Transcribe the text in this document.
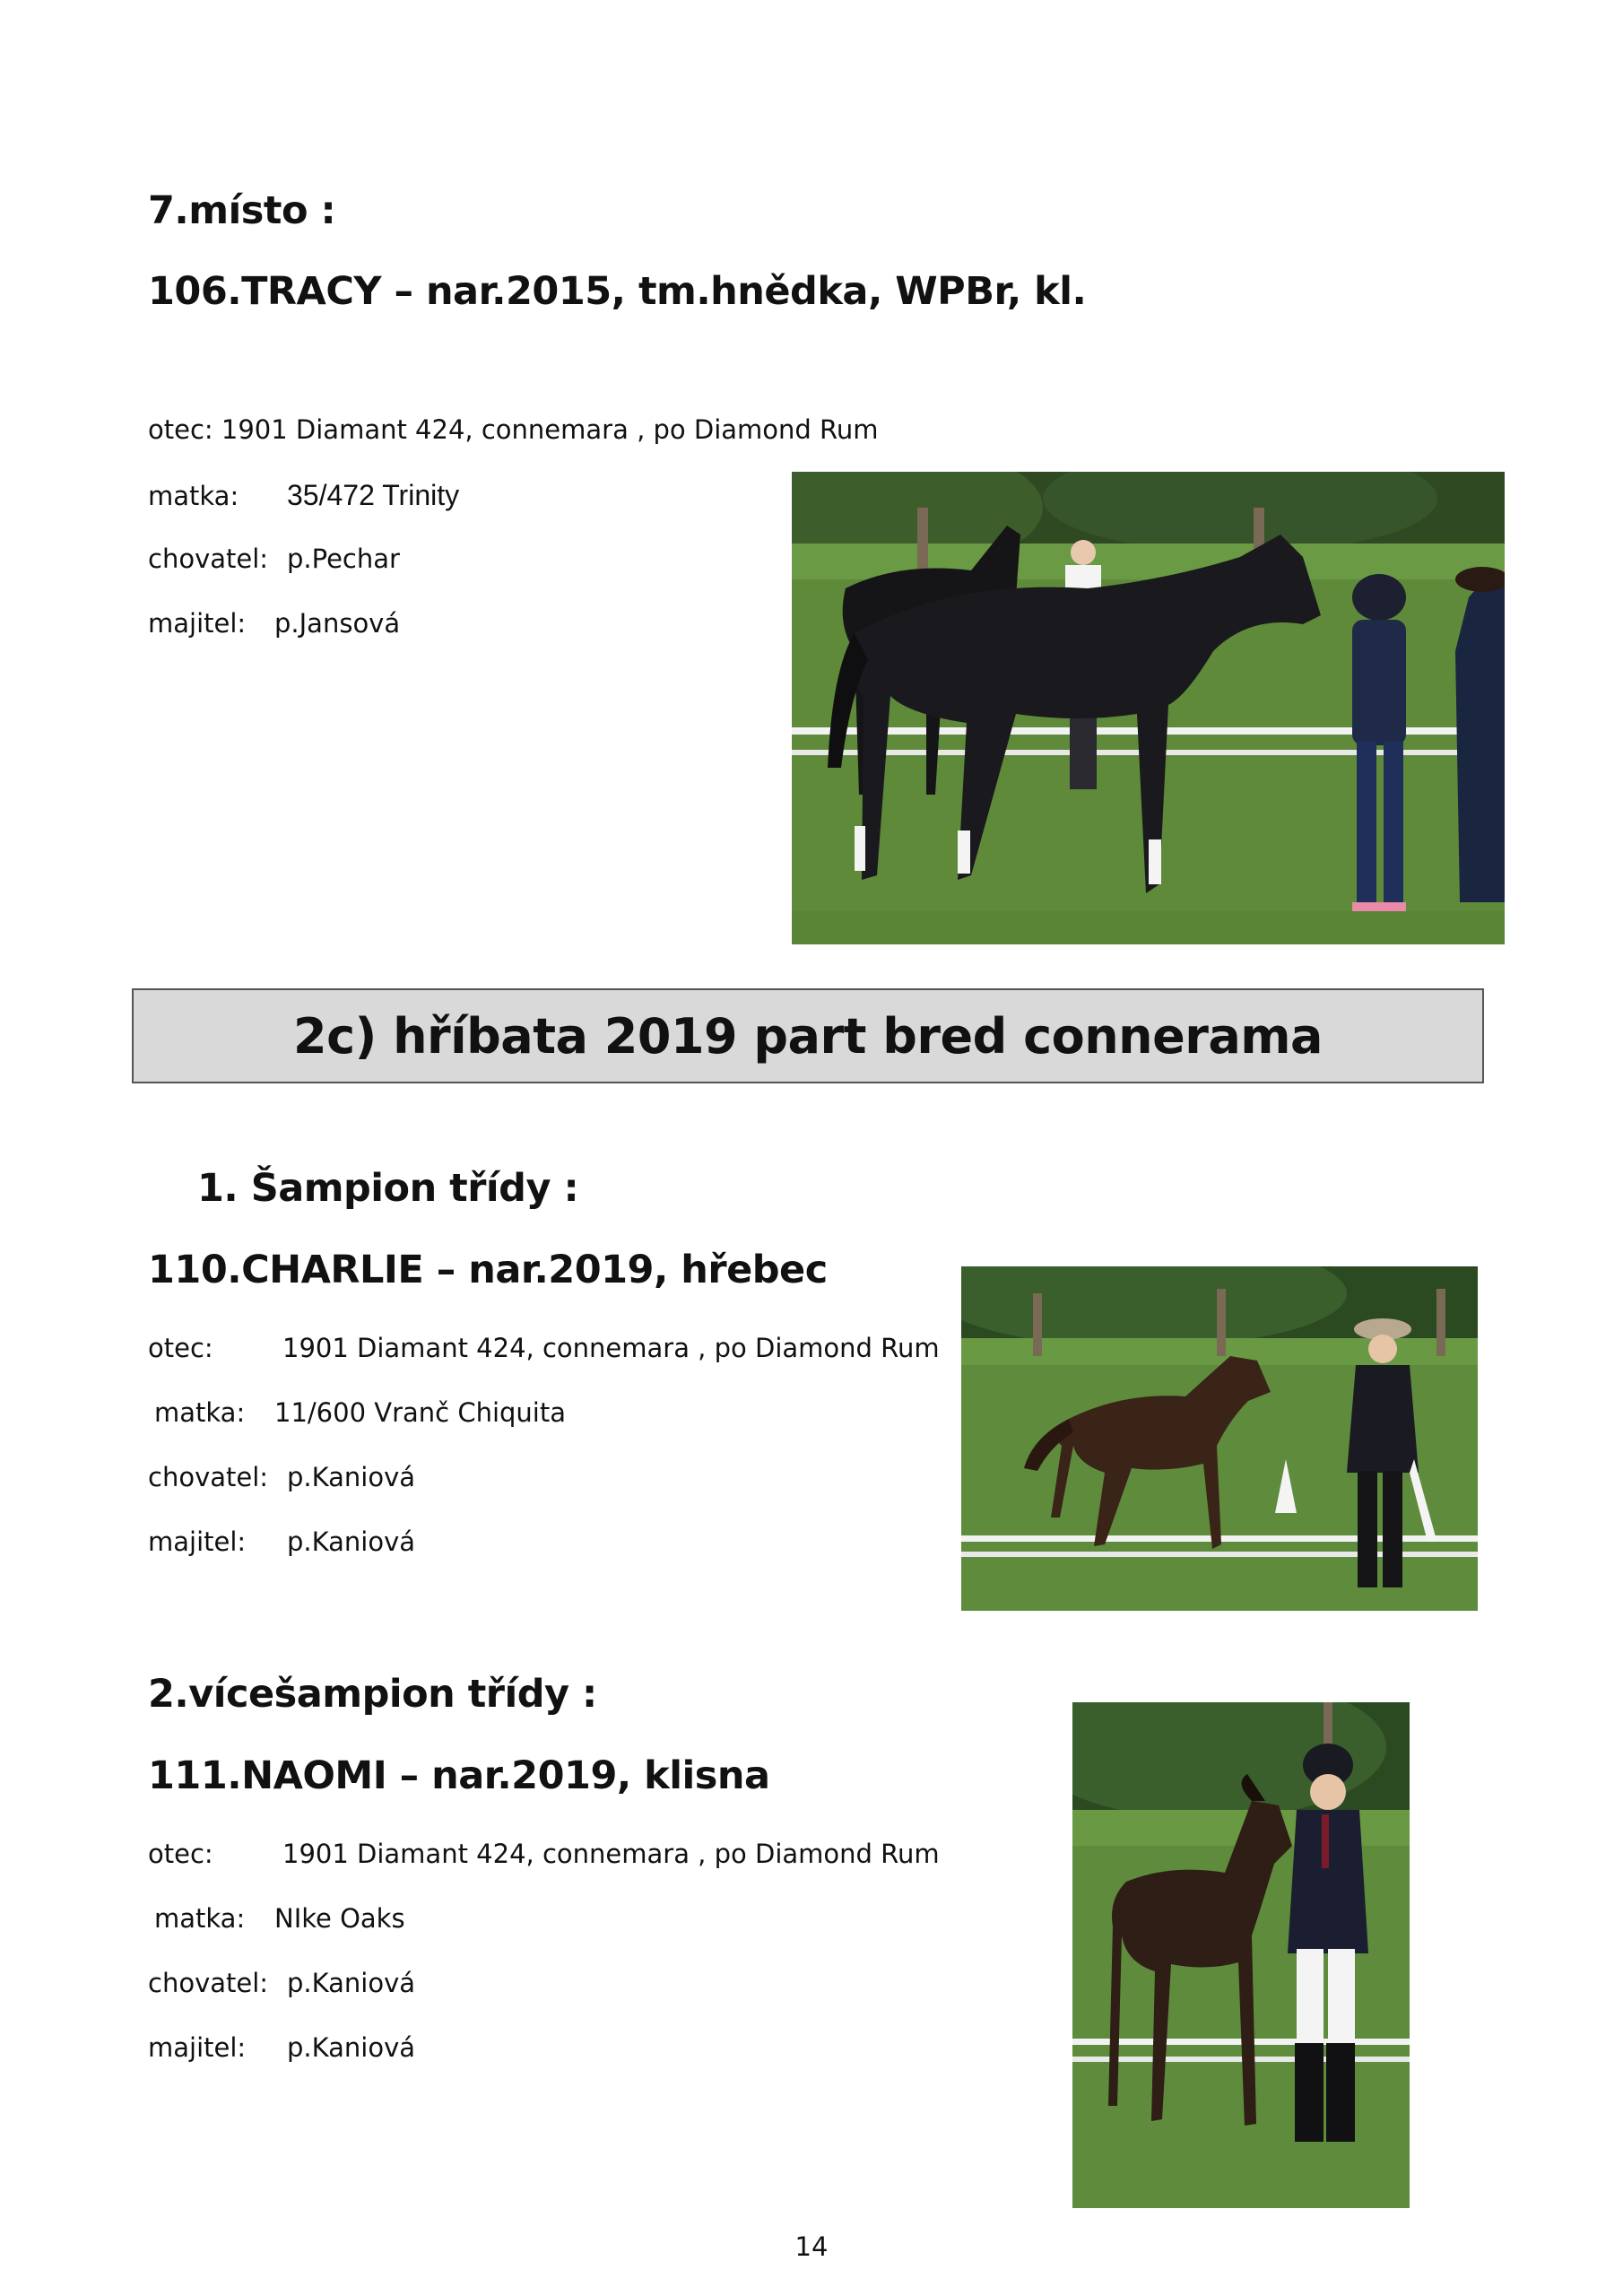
7.místo :
106.TRACY – nar.2015, tm.hnědka, WPBr, kl.
otec: 1901 Diamant 424, connemara , po Diamond Rum
matka: 35/472 Trinity
chovatel: p.Pechar
majitel: p.Jansová
2c) hříbata 2019 part bred connerama
1. Šampion třídy :
110.CHARLIE – nar.2019, hřebec
otec:	1901 Diamant 424, connemara , po Diamond Rum
matka: 11/600 Vranč Chiquita
chovatel: p.Kaniová
majitel: p.Kaniová
2.vícešampion třídy :
111.NAOMI – nar.2019, klisna
otec:	1901 Diamant 424, connemara , po Diamond Rum
matka: NIke Oaks
chovatel: p.Kaniová
majitel: p.Kaniová
14
